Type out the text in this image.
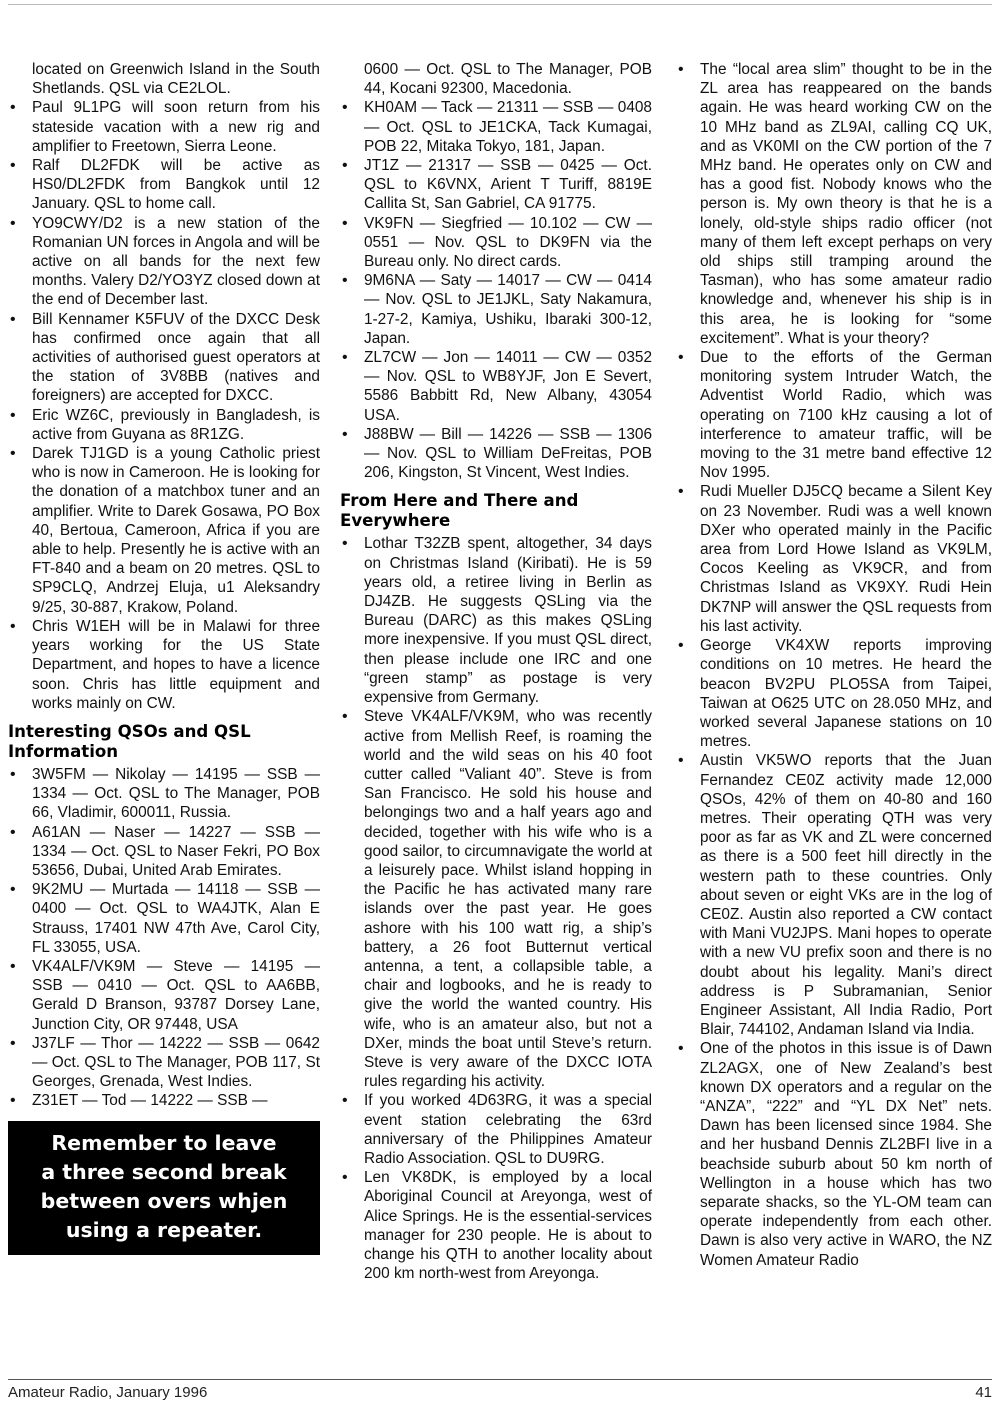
located on Greenwich Island in the South Shetlands. QSL via CE2LOL.

• Paul 9L1PG will soon return from his stateside vacation with a new rig and amplifier to Freetown, Sierra Leone.
• Ralf DL2FDK will be active as HS0/DL2FDK from Bangkok until 12 January. QSL to home call.
• YO9CWY/D2 is a new station of the Romanian UN forces in Angola and will be active on all bands for the next few months. Valery D2/YO3YZ closed down at the end of December last.
• Bill Kennamer K5FUV of the DXCC Desk has confirmed once again that all activities of authorised guest operators at the station of 3V8BB (natives and foreigners) are accepted for DXCC.
• Eric WZ6C, previously in Bangladesh, is active from Guyana as 8R1ZG.
• Darek TJ1GD is a young Catholic priest who is now in Cameroon. He is looking for the donation of a matchbox tuner and an amplifier. Write to Darek Gosawa, PO Box 40, Bertoua, Cameroon, Africa if you are able to help. Presently he is active with an FT-840 and a beam on 20 metres. QSL to SP9CLQ, Andrzej Eluja, u1 Aleksandry 9/25, 30-887, Krakow, Poland.
• Chris W1EH will be in Malawi for three years working for the US State Department, and hopes to have a licence soon. Chris has little equipment and works mainly on CW.
Interesting QSOs and QSL Information
• 3W5FM — Nikolay — 14195 — SSB — 1334 — Oct. QSL to The Manager, POB 66, Vladimir, 600011, Russia.
• A61AN — Naser — 14227 — SSB — 1334 — Oct. QSL to Naser Fekri, PO Box 53656, Dubai, United Arab Emirates.
• 9K2MU — Murtada — 14118 — SSB — 0400 — Oct. QSL to WA4JTK, Alan E Strauss, 17401 NW 47th Ave, Carol City, FL 33055, USA.
• VK4ALF/VK9M — Steve — 14195 — SSB — 0410 — Oct. QSL to AA6BB, Gerald D Branson, 93787 Dorsey Lane, Junction City, OR 97448, USA
• J37LF — Thor — 14222 — SSB — 0642 — Oct. QSL to The Manager, POB 117, St Georges, Grenada, West Indies.
• Z31ET — Tod — 14222 — SSB —
Remember to leave
a three second break
between overs whjen
using a repeater.

0600 — Oct. QSL to The Manager, POB 44, Kocani 92300, Macedonia.

• KH0AM — Tack — 21311 — SSB — 0408 — Oct. QSL to JE1CKA, Tack Kumagai, POB 22, Mitaka Tokyo, 181, Japan.
• JT1Z — 21317 — SSB — 0425 — Oct. QSL to K6VNX, Arient T Turiff, 8819E Callita St, San Gabriel, CA 91775.
• VK9FN — Siegfried — 10.102 — CW — 0551 — Nov. QSL to DK9FN via the Bureau only. No direct cards.
• 9M6NA — Saty — 14017 — CW — 0414 — Nov. QSL to JE1JKL, Saty Nakamura, 1-27-2, Kamiya, Ushiku, Ibaraki 300-12, Japan.
• ZL7CW — Jon — 14011 — CW — 0352 — Nov. QSL to WB8YJF, Jon E Severt, 5586 Babbitt Rd, New Albany, 43054 USA.
• J88BW — Bill — 14226 — SSB — 1306 — Nov. QSL to William DeFreitas, POB 206, Kingston, St Vincent, West Indies.
From Here and There and Everywhere
• Lothar T32ZB spent, altogether, 34 days on Christmas Island (Kiribati). He is 59 years old, a retiree living in Berlin as DJ4ZB. He suggests QSLing via the Bureau (DARC) as this makes QSLing more inexpensive. If you must QSL direct, then please include one IRC and one “green stamp” as postage is very expensive from Germany.
• Steve VK4ALF/VK9M, who was recently active from Mellish Reef, is roaming the world and the wild seas on his 40 foot cutter called “Valiant 40”. Steve is from San Francisco. He sold his house and belongings two and a half years ago and decided, together with his wife who is a good sailor, to circumnavigate the world at a leisurely pace. Whilst island hopping in the Pacific he has activated many rare islands over the past year. He goes ashore with his 100 watt rig, a ship’s battery, a 26 foot Butternut vertical antenna, a tent, a collapsible table, a chair and logbooks, and he is ready to give the world the wanted country. His wife, who is an amateur also, but not a DXer, minds the boat until Steve’s return. Steve is very aware of the DXCC IOTA rules regarding his activity.
• If you worked 4D63RG, it was a special event station celebrating the 63rd anniversary of the Philippines Amateur Radio Association. QSL to DU9RG.
• Len VK8DK, is employed by a local Aboriginal Council at Areyonga, west of Alice Springs. He is the essential-services manager for 230 people. He is about to change his QTH to another locality about 200 km north-west from Areyonga.
• The “local area slim” thought to be in the ZL area has reappeared on the bands again. He was heard working CW on the 10 MHz band as ZL9AI, calling CQ UK, and as VK0MI on the CW portion of the 7 MHz band. He operates only on CW and has a good fist. Nobody knows who the person is. My own theory is that he is a lonely, old-style ships radio officer (not many of them left except perhaps on very old ships still tramping around the Tasman), who has some amateur radio knowledge and, whenever his ship is in this area, he is looking for “some excitement”. What is your theory?
• Due to the efforts of the German monitoring system Intruder Watch, the Adventist World Radio, which was operating on 7100 kHz causing a lot of interference to amateur traffic, will be moving to the 31 metre band effective 12 Nov 1995.
• Rudi Mueller DJ5CQ became a Silent Key on 23 November. Rudi was a well known DXer who operated mainly in the Pacific area from Lord Howe Island as VK9LM, Cocos Keeling as VK9CR, and from Christmas Island as VK9XY. Rudi Hein DK7NP will answer the QSL requests from his last activity.
• George VK4XW reports improving conditions on 10 metres. He heard the beacon BV2PU PLO5SA from Taipei, Taiwan at O625 UTC on 28.050 MHz, and worked several Japanese stations on 10 metres.
• Austin VK5WO reports that the Juan Fernandez CE0Z activity made 12,000 QSOs, 42% of them on 40-80 and 160 metres. Their operating QTH was very poor as far as VK and ZL were concerned as there is a 500 feet hill directly in the western path to these countries. Only about seven or eight VKs are in the log of CE0Z. Austin also reported a CW contact with Mani VU2JPS. Mani hopes to operate with a new VU prefix soon and there is no doubt about his legality. Mani’s direct address is P Subramanian, Senior Engineer Assistant, All India Radio, Port Blair, 744102, Andaman Island via India.
• One of the photos in this issue is of Dawn ZL2AGX, one of New Zealand’s best known DX operators and a regular on the “ANZA”, “222” and “YL DX Net” nets. Dawn has been licensed since 1984. She and her husband Dennis ZL2BFI live in a beachside suburb about 50 km north of Wellington in a house which has two separate shacks, so the YL-OM team can operate independently from each other. Dawn is also very active in WARO, the NZ Women Amateur Radio
Amateur Radio, January 1996	41
